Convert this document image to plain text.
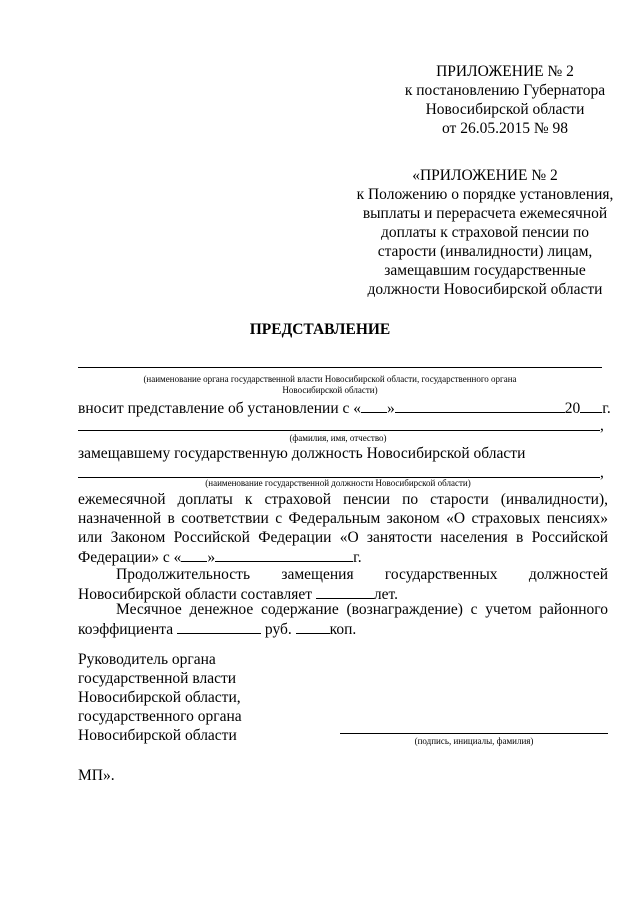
ПРИЛОЖЕНИЕ № 2
к постановлению Губернатора
Новосибирской области
от 26.05.2015 № 98
«ПРИЛОЖЕНИЕ № 2
к Положению о порядке установления,
выплаты и перерасчета ежемесячной
доплаты к страховой пенсии по
старости (инвалидности) лицам,
замещавшим государственные
должности Новосибирской области
ПРЕДСТАВЛЕНИЕ
(наименование органа государственной власти Новосибирской области, государственного органа
Новосибирской области)
вносит представление об установлении с « »	20 г.
,
(фамилия, имя, отчество)
замещавшему государственную должность Новосибирской области
,
(наименование государственной должности Новосибирской области)
ежемесячной доплаты к страховой пенсии по старости (инвалидности),
назначенной в соответствии с Федеральным законом «О страховых пенсиях»
или Законом Российской Федерации «О занятости населения в Российской
Федерации» с « »	г.
Продолжительность замещения государственных должностей
Новосибирской области составляет	лет.
Месячное денежное содержание (вознаграждение) с учетом районного
коэффициента	руб. коп.
Руководитель органа
государственной власти
Новосибирской области,
государственного органа
Новосибирской области	(подпись, инициалы, фамилия)
МП».
